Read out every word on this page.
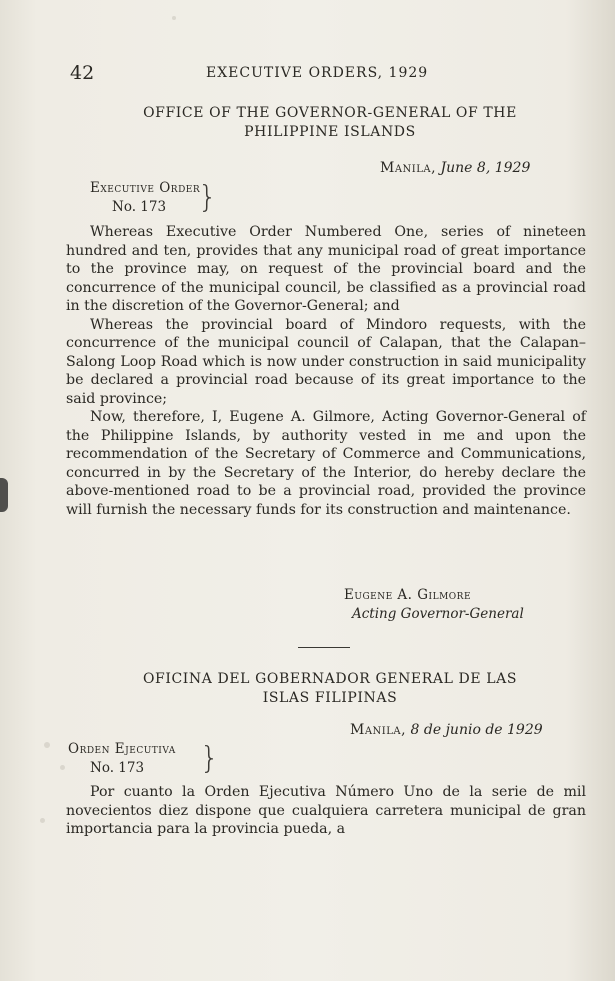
42	EXECUTIVE ORDERS, 1929
OFFICE OF THE GOVERNOR-GENERAL OF THE
PHILIPPINE ISLANDS
Manila, June 8, 1929
Executive Order
No. 173	}

Whereas Executive Order Numbered One, series of nineteen hundred and ten, provides that any municipal road of great importance to the province may, on request of the provincial board and the concurrence of the municipal council, be classified as a provincial road in the discretion of the Governor-General; and

Whereas the provincial board of Mindoro requests, with the concurrence of the municipal council of Calapan, that the Calapan–Salong Loop Road which is now under construction in said municipality be declared a provincial road because of its great importance to the said province;

Now, therefore, I, Eugene A. Gilmore, Acting Governor-General of the Philippine Islands, by authority vested in me and upon the recommendation of the Secretary of Commerce and Communications, concurred in by the Secretary of the Interior, do hereby declare the above-mentioned road to be a provincial road, provided the province will furnish the necessary funds for its construction and maintenance.

Eugene A. Gilmore
Acting Governor-General
OFICINA DEL GOBERNADOR GENERAL DE LAS
ISLAS FILIPINAS
Manila, 8 de junio de 1929
Orden Ejecutiva
No. 173	}

Por cuanto la Orden Ejecutiva Número Uno de la serie de mil novecientos diez dispone que cualquiera carretera municipal de gran importancia para la provincia pueda, a
